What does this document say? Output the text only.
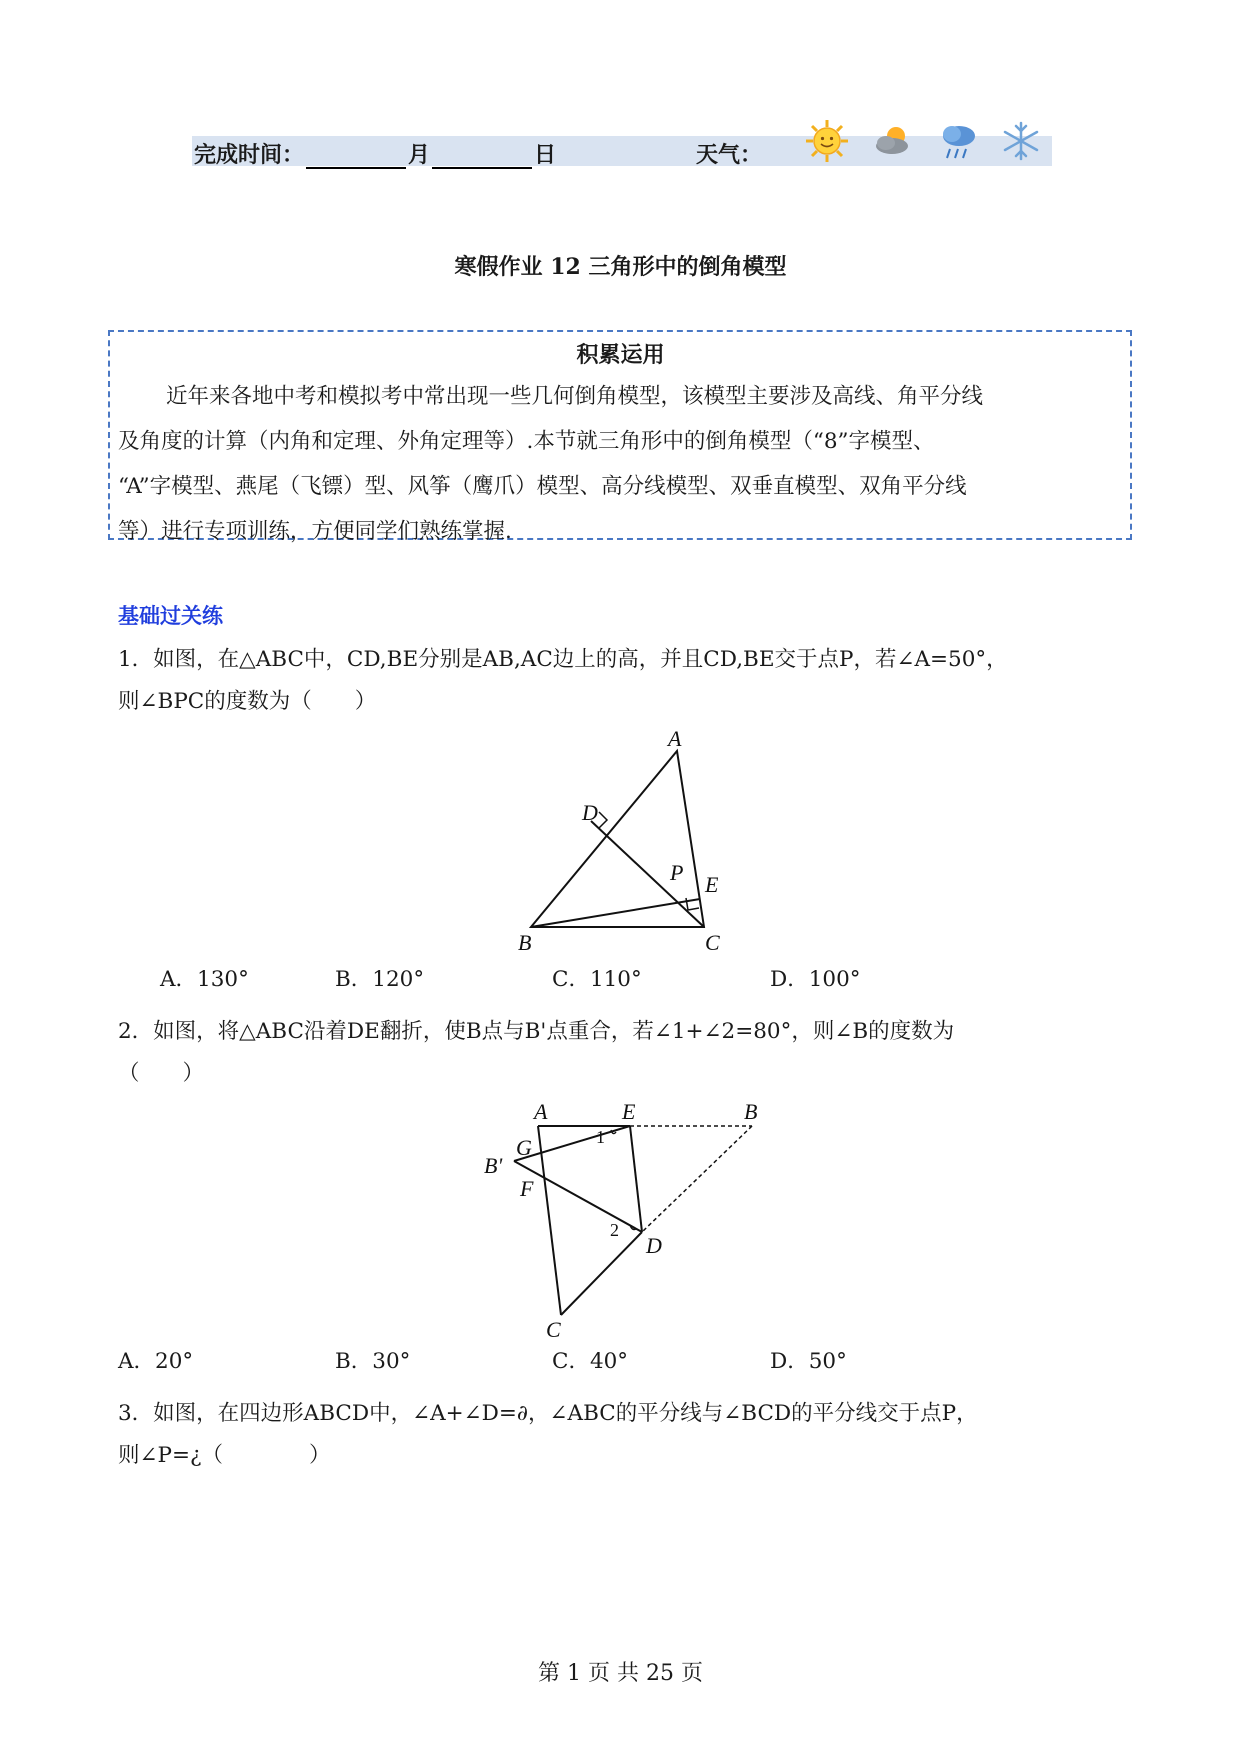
完成时间：	月	日	天气：
寒假作业 12 三角形中的倒角模型
积累运用
近年来各地中考和模拟考中常出现一些几何倒角模型，该模型主要涉及高线、角平分线
及角度的计算（内角和定理、外角定理等）.本节就三角形中的倒角模型（“8”字模型、
“A”字模型、燕尾（飞镖）型、风筝（鹰爪）模型、高分线模型、双垂直模型、双角平分线
等）进行专项训练，方便同学们熟练掌握.
基础过关练
1．如图，在△ABC中，CD,BE分别是AB,AC边上的高，并且CD,BE交于点P，若∠A=50°，
则∠BPC的度数为（　　）
A
B	C
D
E
P
A．130°	B．120°	C．110°	D．100°
2．如图，将△ABC沿着DE翻折，使B点与B'点重合，若∠1+∠2=80°，则∠B的度数为
（　　）
A	E	B
G
B'
F
D
C
1
2
A．20°	B．30°	C．40°	D．50°
3．如图，在四边形ABCD中，∠A+∠D=∂，∠ABC的平分线与∠BCD的平分线交于点P，
则∠P=¿（　　　　）
第 1 页 共 25 页
